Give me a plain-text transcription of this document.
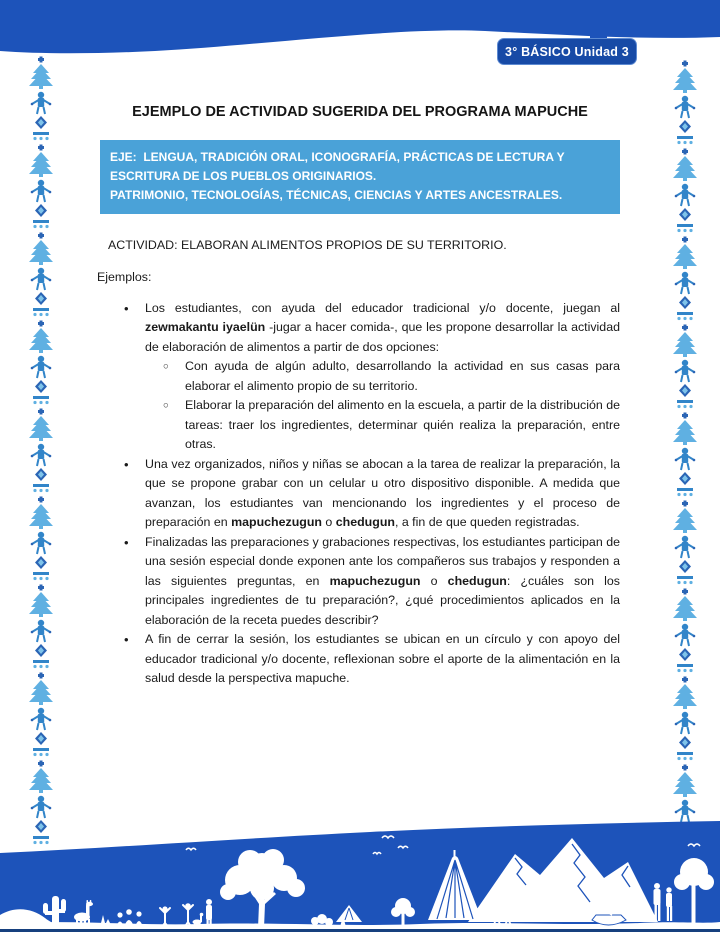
3° BÁSICO Unidad 3
EJEMPLO DE ACTIVIDAD SUGERIDA DEL PROGRAMA MAPUCHE
EJE:  LENGUA, TRADICIÓN ORAL, ICONOGRAFÍA, PRÁCTICAS DE LECTURA Y ESCRITURA DE LOS PUEBLOS ORIGINARIOS.
PATRIMONIO, TECNOLOGÍAS, TÉCNICAS, CIENCIAS Y ARTES ANCESTRALES.

ACTIVIDAD: ELABORAN ALIMENTOS PROPIOS DE SU TERRITORIO.

Ejemplos:

• Los estudiantes, con ayuda del educador tradicional y/o docente, juegan al zewmakantu iyaelün -jugar a hacer comida-, que les propone desarrollar la actividad de elaboración de alimentos a partir de dos opciones:
○ Con ayuda de algún adulto, desarrollando la actividad en sus casas para elaborar el alimento propio de su territorio.
○ Elaborar la preparación del alimento en la escuela, a partir de la distribución de tareas: traer los ingredientes, determinar quién realiza la preparación, entre otras.
• Una vez organizados, niños y niñas se abocan a la tarea de realizar la preparación, la que se propone grabar con un celular u otro dispositivo disponible. A medida que avanzan, los estudiantes van mencionando los ingredientes y el proceso de preparación en mapuchezugun o chedugun, a fin de que queden registradas.
• Finalizadas las preparaciones y grabaciones respectivas, los estudiantes participan de una sesión especial donde exponen ante los compañeros sus trabajos y responden a las siguientes preguntas, en mapuchezugun o chedugun: ¿cuáles son los principales ingredientes de tu preparación?, ¿qué procedimientos aplicados en la elaboración de la receta puedes describir?
• A fin de cerrar la sesión, los estudiantes se ubican en un círculo y con apoyo del educador tradicional y/o docente, reflexionan sobre el aporte de la alimentación en la salud desde la perspectiva mapuche.
